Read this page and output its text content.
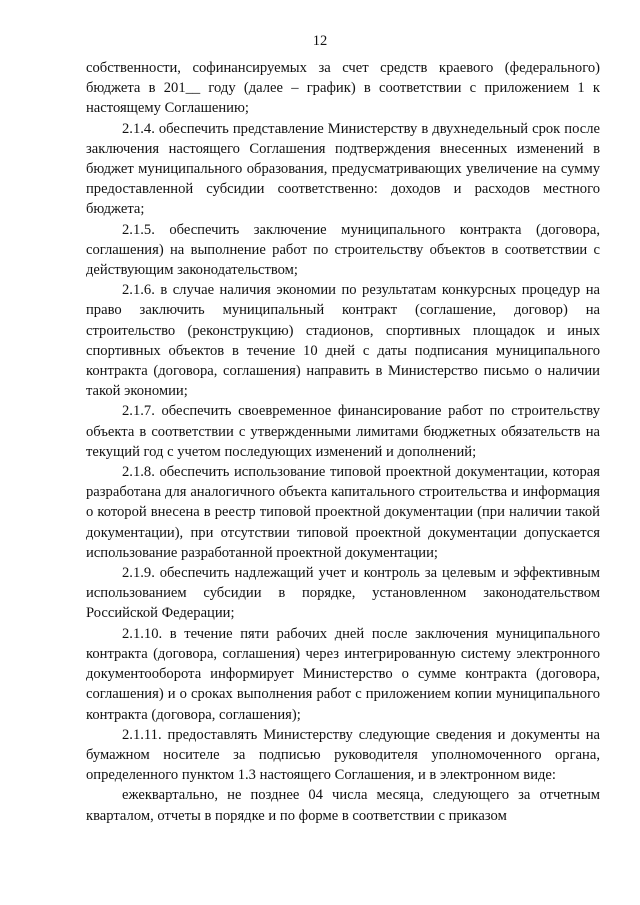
12

собственности, софинансируемых за счет средств краевого (федерального) бюджета в 201__ году (далее – график) в соответствии с приложением 1 к настоящему Соглашению;

2.1.4. обеспечить представление Министерству в двухнедельный срок после заключения настоящего Соглашения подтверждения внесенных изменений в бюджет муниципального образования, предусматривающих увеличение на сумму предоставленной субсидии соответственно: доходов и расходов местного бюджета;

2.1.5. обеспечить заключение муниципального контракта (договора, соглашения) на выполнение работ по строительству объектов в соответствии с действующим законодательством;

2.1.6. в случае наличия экономии по результатам конкурсных процедур на право заключить муниципальный контракт (соглашение, договор) на строительство (реконструкцию) стадионов, спортивных площадок и иных спортивных объектов в течение 10 дней с даты подписания муниципального контракта (договора, соглашения) направить в Министерство письмо о наличии такой экономии;

2.1.7. обеспечить своевременное финансирование работ по строительству объекта в соответствии с утвержденными лимитами бюджетных обязательств на текущий год с учетом последующих изменений и дополнений;

2.1.8. обеспечить использование типовой проектной документации, которая разработана для аналогичного объекта капитального строительства и информация о которой внесена в реестр типовой проектной документации (при наличии такой документации), при отсутствии типовой проектной документации допускается использование разработанной проектной документации;

2.1.9. обеспечить надлежащий учет и контроль за целевым и эффективным использованием субсидии в порядке, установленном законодательством Российской Федерации;

2.1.10. в течение пяти рабочих дней после заключения муниципального контракта (договора, соглашения) через интегрированную систему электронного документооборота информирует Министерство о сумме контракта (договора, соглашения) и о сроках выполнения работ с приложением копии муниципального контракта (договора, соглашения);

2.1.11. предоставлять Министерству следующие сведения и документы на бумажном носителе за подписью руководителя уполномоченного органа, определенного пунктом 1.3 настоящего Соглашения, и в электронном виде:

ежеквартально, не позднее 04 числа месяца, следующего за отчетным кварталом, отчеты в порядке и по форме в соответствии с приказом
